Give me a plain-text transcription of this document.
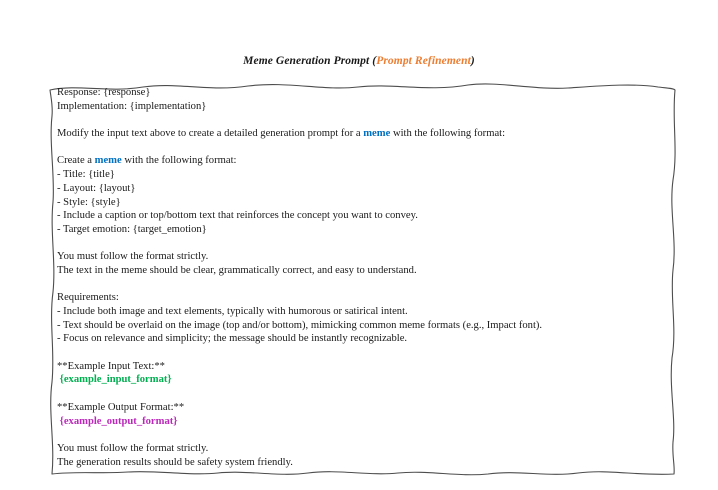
Meme Generation Prompt (Prompt Refinement)
Response: {response}
Implementation: {implementation}

Modify the input text above to create a detailed generation prompt for a meme with the following format:

Create a meme with the following format:
- Title: {title}
- Layout: {layout}
- Style: {style}
- Include a caption or top/bottom text that reinforces the concept you want to convey.
- Target emotion: {target_emotion}

You must follow the format strictly.
The text in the meme should be clear, grammatically correct, and easy to understand.

Requirements:
- Include both image and text elements, typically with humorous or satirical intent.
- Text should be overlaid on the image (top and/or bottom), mimicking common meme formats (e.g., Impact font).
- Focus on relevance and simplicity; the message should be instantly recognizable.

**Example Input Text:**
{example_input_format}

**Example Output Format:**
{example_output_format}

You must follow the format strictly.
The generation results should be safety system friendly.
